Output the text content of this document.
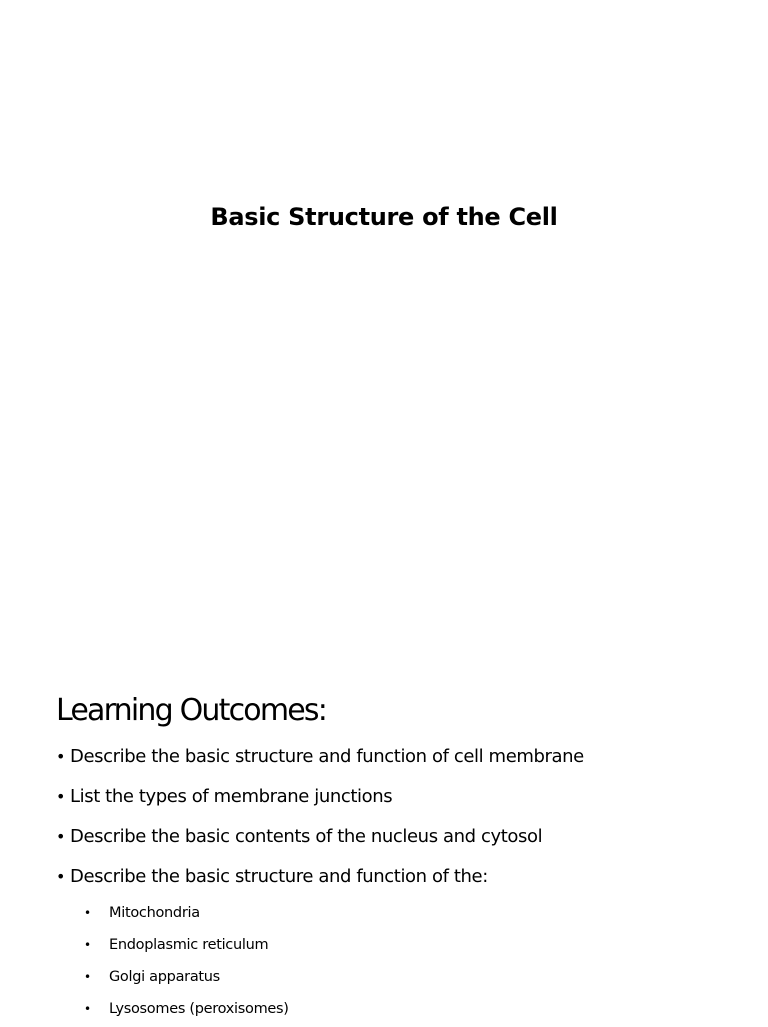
Basic Structure of the Cell
Learning Outcomes:
• Describe the basic structure and function of cell membrane
• List the types of membrane junctions
• Describe the basic contents of the nucleus and cytosol
• Describe the basic structure and function of the:
• Mitochondria
• Endoplasmic reticulum
• Golgi apparatus
• Lysosomes (peroxisomes)
